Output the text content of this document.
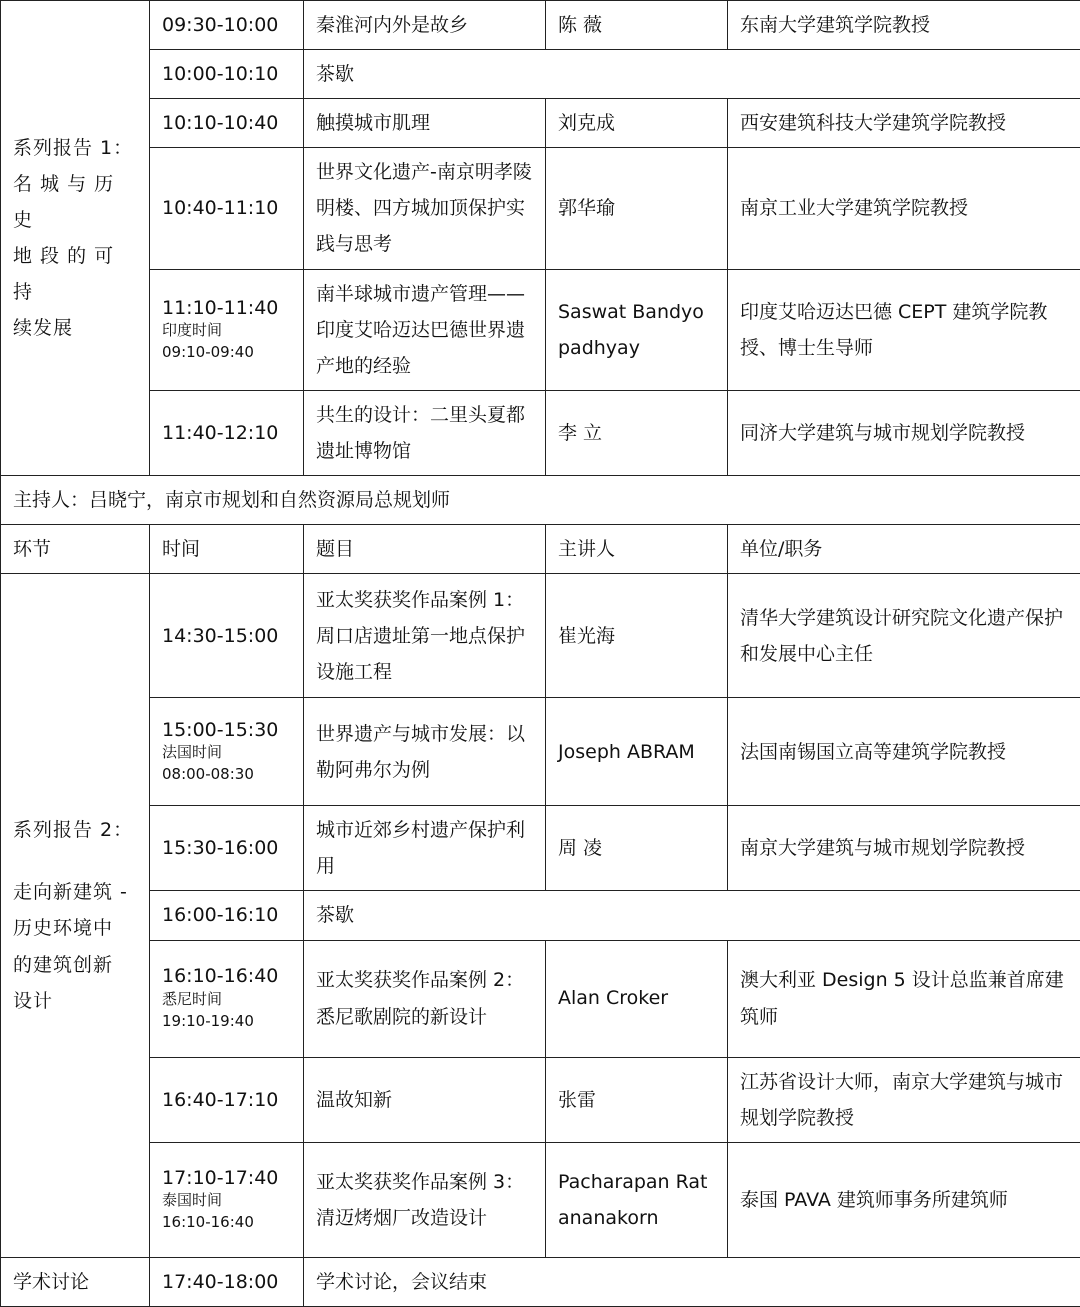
系列报告 1：
名 城 与 历 史
地 段 的 可 持
续发展	09:30-10:00	秦淮河内外是故乡	陈 薇	东南大学建筑学院教授
	10:00-10:10	茶歇		
	10:10-10:40	触摸城市肌理	刘克成	西安建筑科技大学建筑学院教授
	10:40-11:10	世界文化遗产-南京明孝陵明楼、四方城加顶保护实践与思考	郭华瑜	南京工业大学建筑学院教授

	11:10-11:40
印度时间
09:10-09:40	南半球城市遗产管理——印度艾哈迈达巴德世界遗产地的经验	Saswat Bandyopadhyay	印度艾哈迈达巴德 CEPT 建筑学院教授、博士生导师
	11:40-12:10	共生的设计：二里头夏都遗址博物馆	李 立	同济大学建筑与城市规划学院教授
主持人：吕晓宁，南京市规划和自然资源局总规划师				
环节	时间	题目	主讲人	单位/职务

系列报告 2：
走向新建筑 -
历史环境中
的建筑创新
设计	14:30-15:00	亚太奖获奖作品案例 1：周口店遗址第一地点保护设施工程	崔光海	清华大学建筑设计研究院文化遗产保护和发展中心主任

	15:00-15:30
法国时间
08:00-08:30	世界遗产与城市发展：以勒阿弗尔为例	Joseph ABRAM	法国南锡国立高等建筑学院教授
	15:30-16:00	城市近郊乡村遗产保护利用	周 凌	南京大学建筑与城市规划学院教授
	16:00-16:10	茶歇		

	16:10-16:40
悉尼时间
19:10-19:40	亚太奖获奖作品案例 2：悉尼歌剧院的新设计	Alan Croker	澳大利亚 Design 5 设计总监兼首席建筑师
	16:40-17:10	温故知新	张雷	江苏省设计大师，南京大学建筑与城市规划学院教授

	17:10-17:40
泰国时间
16:10-16:40	亚太奖获奖作品案例 3：清迈烤烟厂改造设计	Pacharapan Ratananakorn	泰国 PAVA 建筑师事务所建筑师
学术讨论	17:40-18:00	学术讨论，会议结束		
